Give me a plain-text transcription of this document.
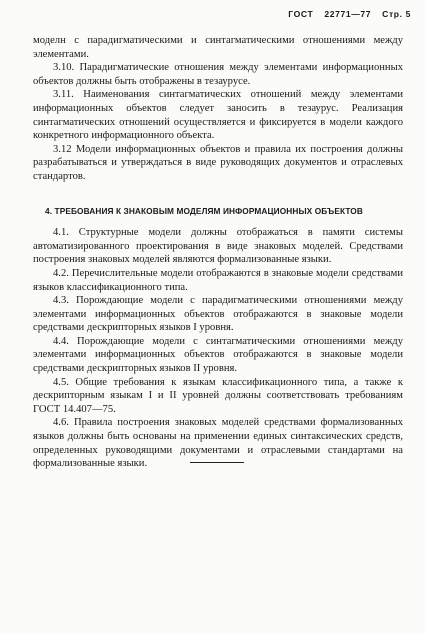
ГОСТ 22771—77 Стр. 5

моделн с парадигматическими и синтагматическими отношениями между элементами.

3.10. Парадигматические отношения между элементами информационных объектов должны быть отображены в тезаурусе.

3.11. Наименования синтагматических отношений между элементами информационных объектов следует заносить в тезаурус. Реализация синтагматических отношений осуществляется и фиксируется в модели каждого конкретного информационного объекта.

3.12 Модели информационных объектов и правила их построения должны разрабатываться и утверждаться в виде руководящих документов и отраслевых стандартов.

4. ТРЕБОВАНИЯ К ЗНАКОВЫМ МОДЕЛЯМ ИНФОРМАЦИОННЫХ ОБЪЕКТОВ

4.1. Структурные модели должны отображаться в памяти системы автоматизированного проектирования в виде знаковых моделей. Средствами построения знаковых моделей являются формализованные языки.

4.2. Перечислительные модели отображаются в знаковые модели средствами языков классификационного типа.

4.3. Порождающие модели с парадигматическими отношениями между элементами информационных объектов отображаются в знаковые модели средствами дескрипторных языков I уровня.

4.4. Порождающие модели с синтагматическими отношениями между элементами информационных объектов отображаются в знаковые модели средствами дескрипторных языков II уровня.

4.5. Общие требования к языкам классификационного типа, а также к дескрипторным языкам I и II уровней должны соответствовать требованиям ГОСТ 14.407—75.

4.6. Правила построения знаковых моделей средствами формализованных языков должны быть основаны на применении единых синтаксических средств, определенных руководящими документами и отраслевыми стандартами на формализованные языки.
